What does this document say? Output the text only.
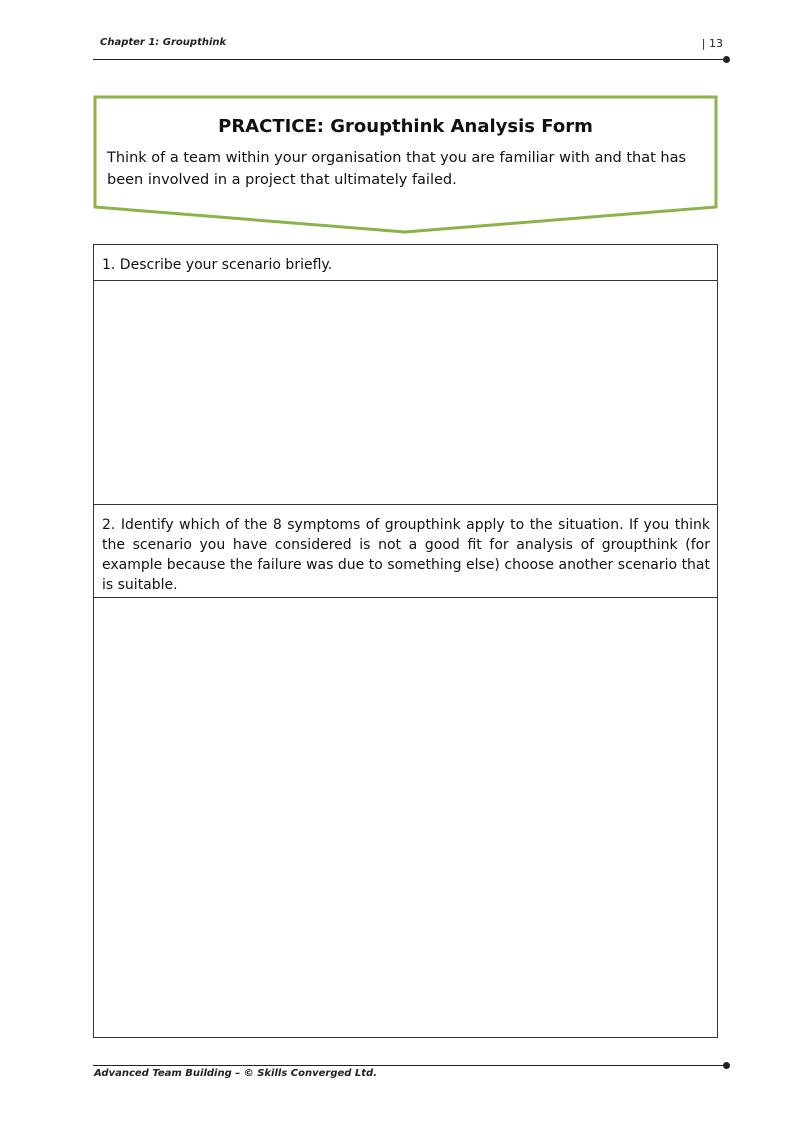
Chapter 1: Groupthink	| 13
PRACTICE: Groupthink Analysis Form
Think of a team within your organisation that you are familiar with and that has been involved in a project that ultimately failed.
1. Describe your scenario briefly.
2. Identify which of the 8 symptoms of groupthink apply to the situation. If you think the scenario you have considered is not a good fit for analysis of groupthink (for example because the failure was due to something else) choose another scenario that is suitable.
Advanced Team Building – © Skills Converged Ltd.
